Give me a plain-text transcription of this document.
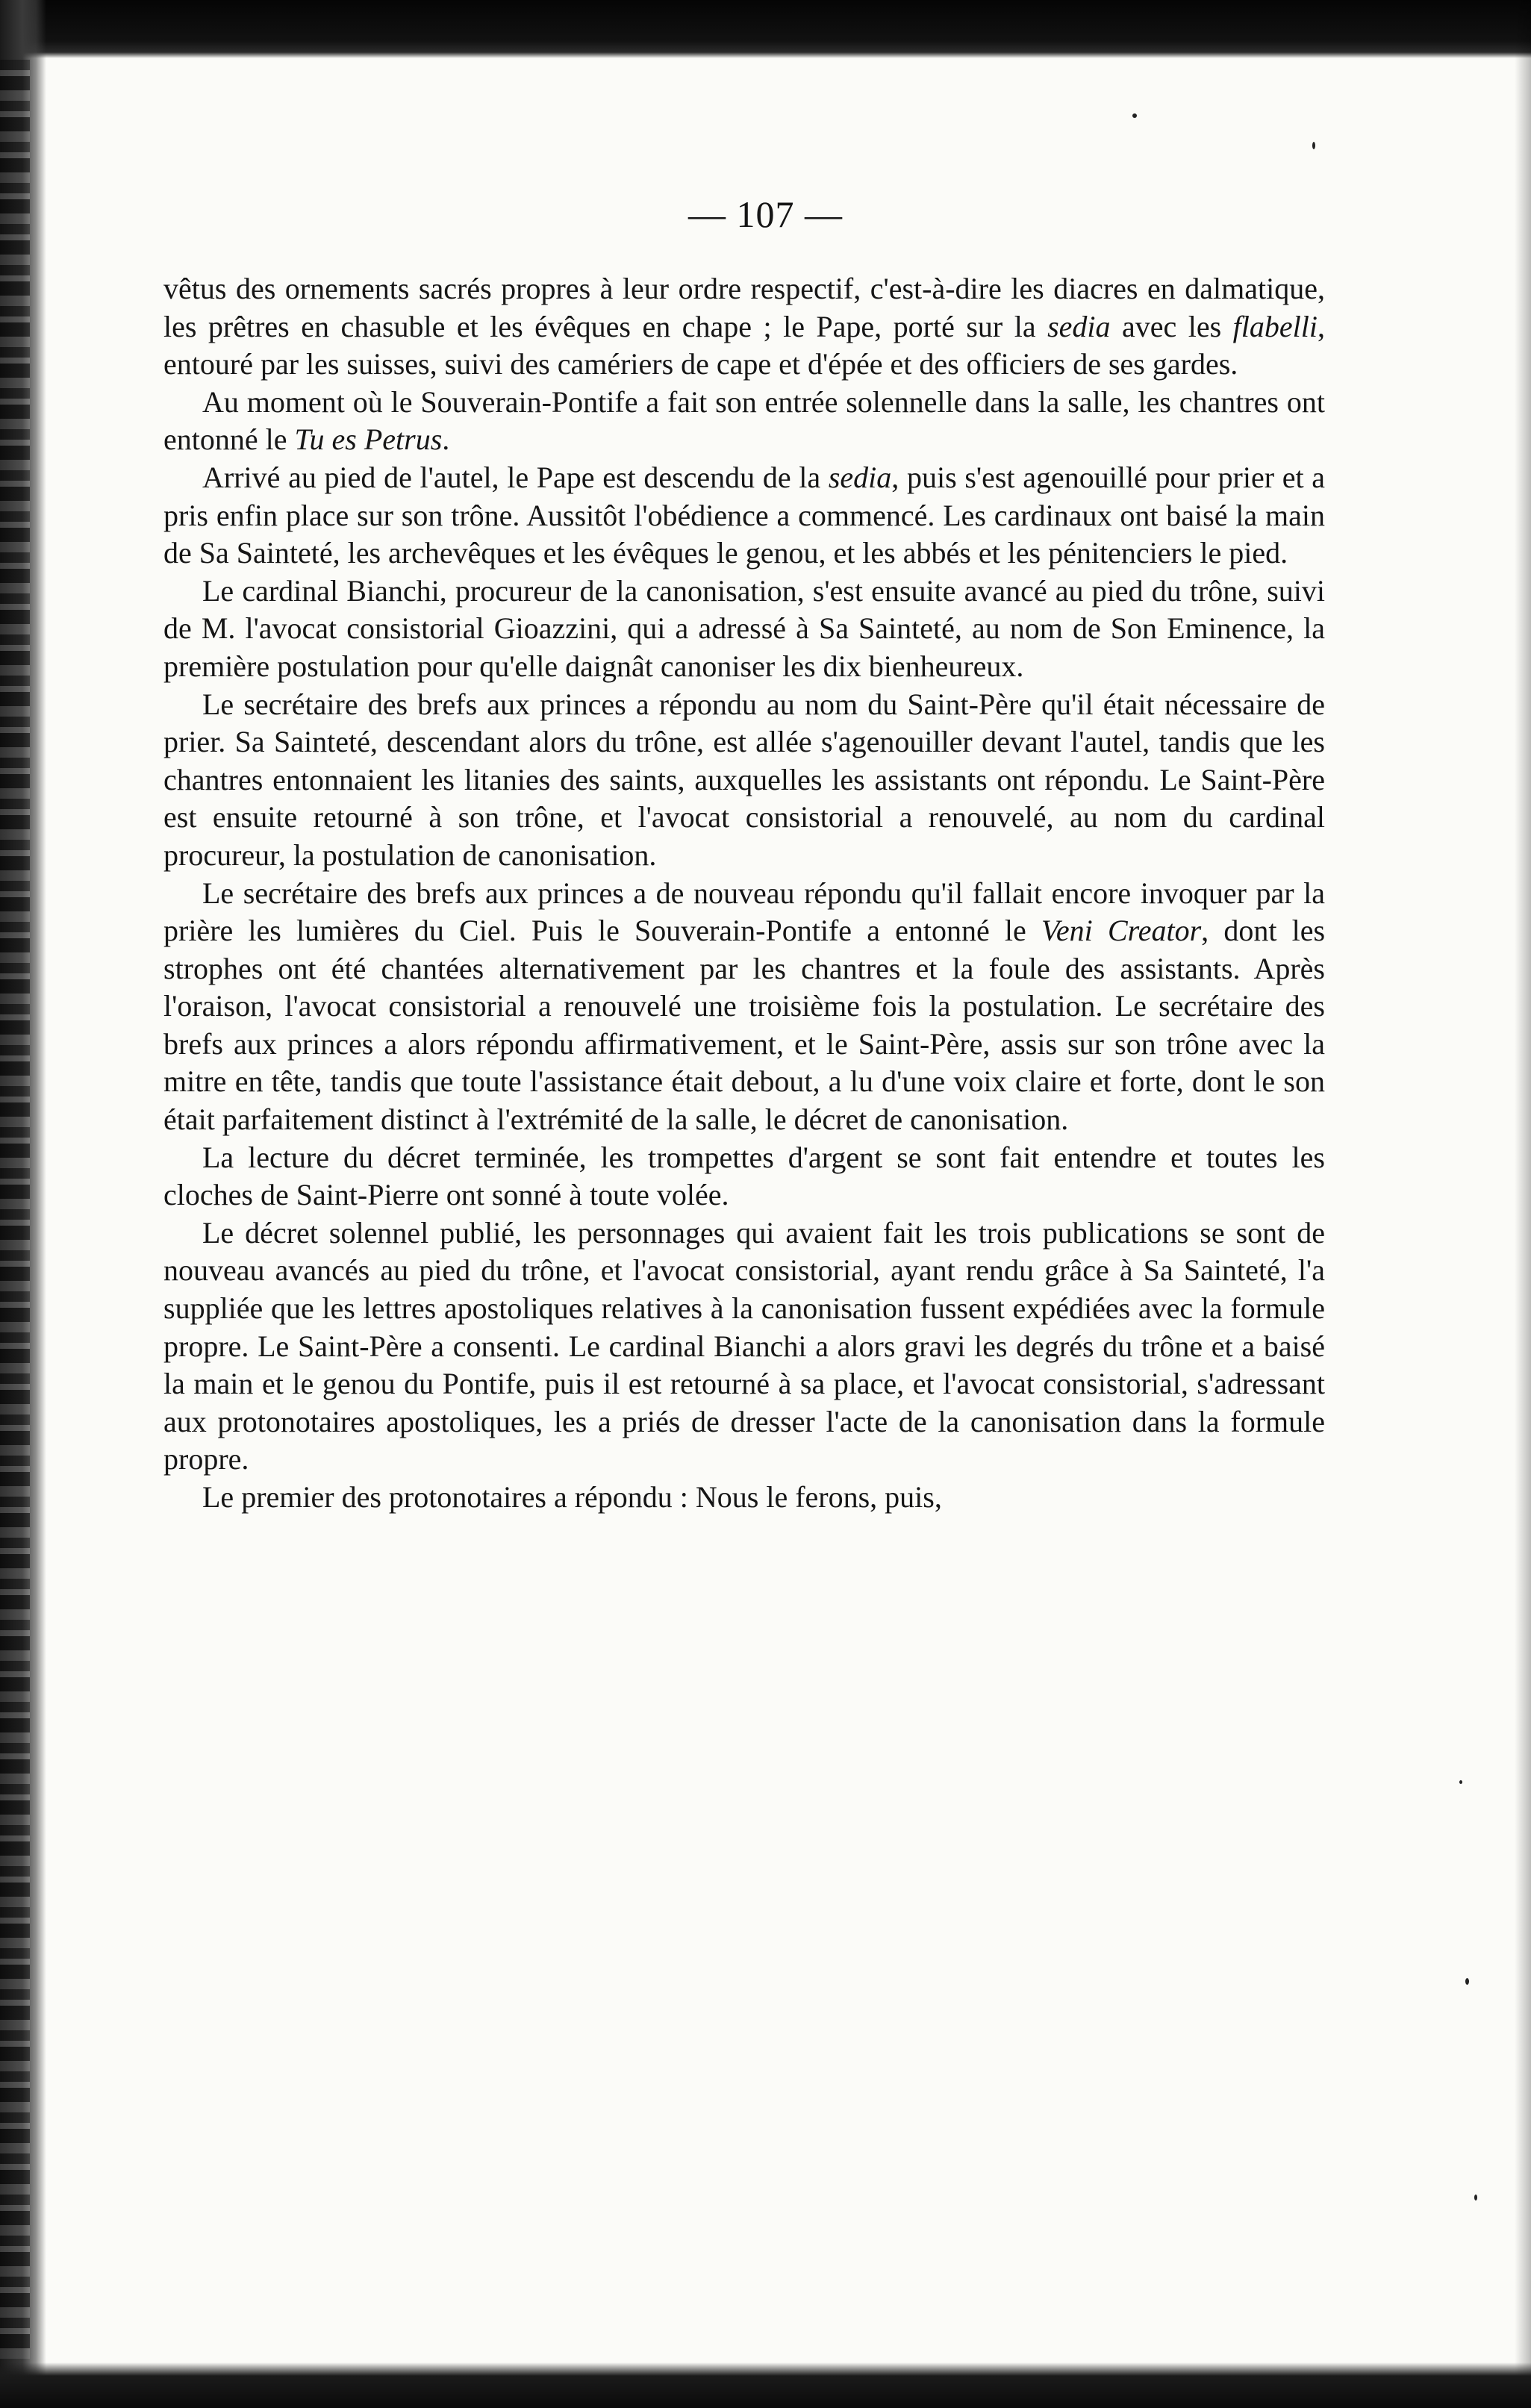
— 107 —

vêtus des ornements sacrés propres à leur ordre respectif, c'est-à-dire les diacres en dalmatique, les prêtres en chasuble et les évêques en chape ; le Pape, porté sur la sedia avec les flabelli, entouré par les suisses, suivi des camériers de cape et d'épée et des officiers de ses gardes.

Au moment où le Souverain-Pontife a fait son entrée solennelle dans la salle, les chantres ont entonné le Tu es Petrus.

Arrivé au pied de l'autel, le Pape est descendu de la sedia, puis s'est agenouillé pour prier et a pris enfin place sur son trône. Aussitôt l'obédience a commencé. Les cardinaux ont baisé la main de Sa Sainteté, les archevêques et les évêques le genou, et les abbés et les pénitenciers le pied.

Le cardinal Bianchi, procureur de la canonisation, s'est ensuite avancé au pied du trône, suivi de M. l'avocat consistorial Gioazzini, qui a adressé à Sa Sainteté, au nom de Son Eminence, la première postulation pour qu'elle daignât canoniser les dix bienheureux.

Le secrétaire des brefs aux princes a répondu au nom du Saint-Père qu'il était nécessaire de prier. Sa Sainteté, descendant alors du trône, est allée s'agenouiller devant l'autel, tandis que les chantres entonnaient les litanies des saints, auxquelles les assistants ont répondu. Le Saint-Père est ensuite retourné à son trône, et l'avocat consistorial a renouvelé, au nom du cardinal procureur, la postulation de canonisation.

Le secrétaire des brefs aux princes a de nouveau répondu qu'il fallait encore invoquer par la prière les lumières du Ciel. Puis le Souverain-Pontife a entonné le Veni Creator, dont les strophes ont été chantées alternativement par les chantres et la foule des assistants. Après l'oraison, l'avocat consistorial a renouvelé une troisième fois la postulation. Le secrétaire des brefs aux princes a alors répondu affirmativement, et le Saint-Père, assis sur son trône avec la mitre en tête, tandis que toute l'assistance était debout, a lu d'une voix claire et forte, dont le son était parfaitement distinct à l'extrémité de la salle, le décret de canonisation.

La lecture du décret terminée, les trompettes d'argent se sont fait entendre et toutes les cloches de Saint-Pierre ont sonné à toute volée.

Le décret solennel publié, les personnages qui avaient fait les trois publications se sont de nouveau avancés au pied du trône, et l'avocat consistorial, ayant rendu grâce à Sa Sainteté, l'a suppliée que les lettres apostoliques relatives à la canonisation fussent expédiées avec la formule propre. Le Saint-Père a consenti. Le cardinal Bianchi a alors gravi les degrés du trône et a baisé la main et le genou du Pontife, puis il est retourné à sa place, et l'avocat consistorial, s'adressant aux protonotaires apostoliques, les a priés de dresser l'acte de la canonisation dans la formule propre.

Le premier des protonotaires a répondu : Nous le ferons, puis,
